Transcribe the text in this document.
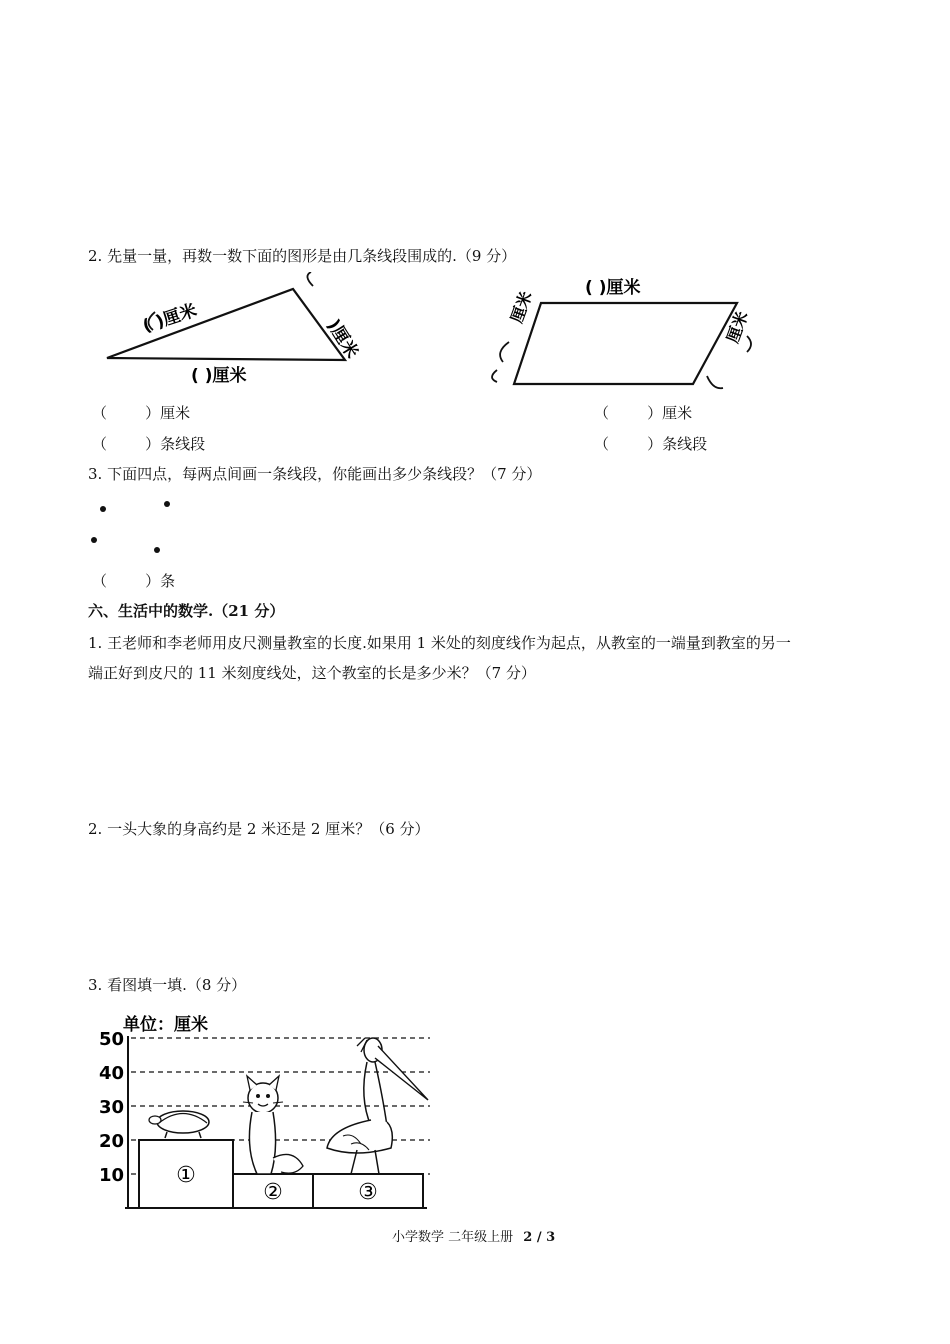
2. 先量一量，再数一数下面的图形是由几条线段围成的.（9 分）
( )厘米	)厘米
( )厘米
( )厘米
厘米
厘米
（        ）厘米
（        ）条线段
（        ）厘米
（        ）条线段
3. 下面四点，每两点间画一条线段，你能画出多少条线段？（7 分）
（        ）条
六、生活中的数学.（21 分）
1. 王老师和李老师用皮尺测量教室的长度.如果用 1 米处的刻度线作为起点，从教室的一端量到教室的另一
端正好到皮尺的 11 米刻度线处，这个教室的长是多少米？（7 分）
2. 一头大象的身高约是 2 米还是 2 厘米？（6 分）
3. 看图填一填.（8 分）
单位：厘米
50
40
30
20
10 ①
②	③
小学数学 二年级上册 2 / 3
